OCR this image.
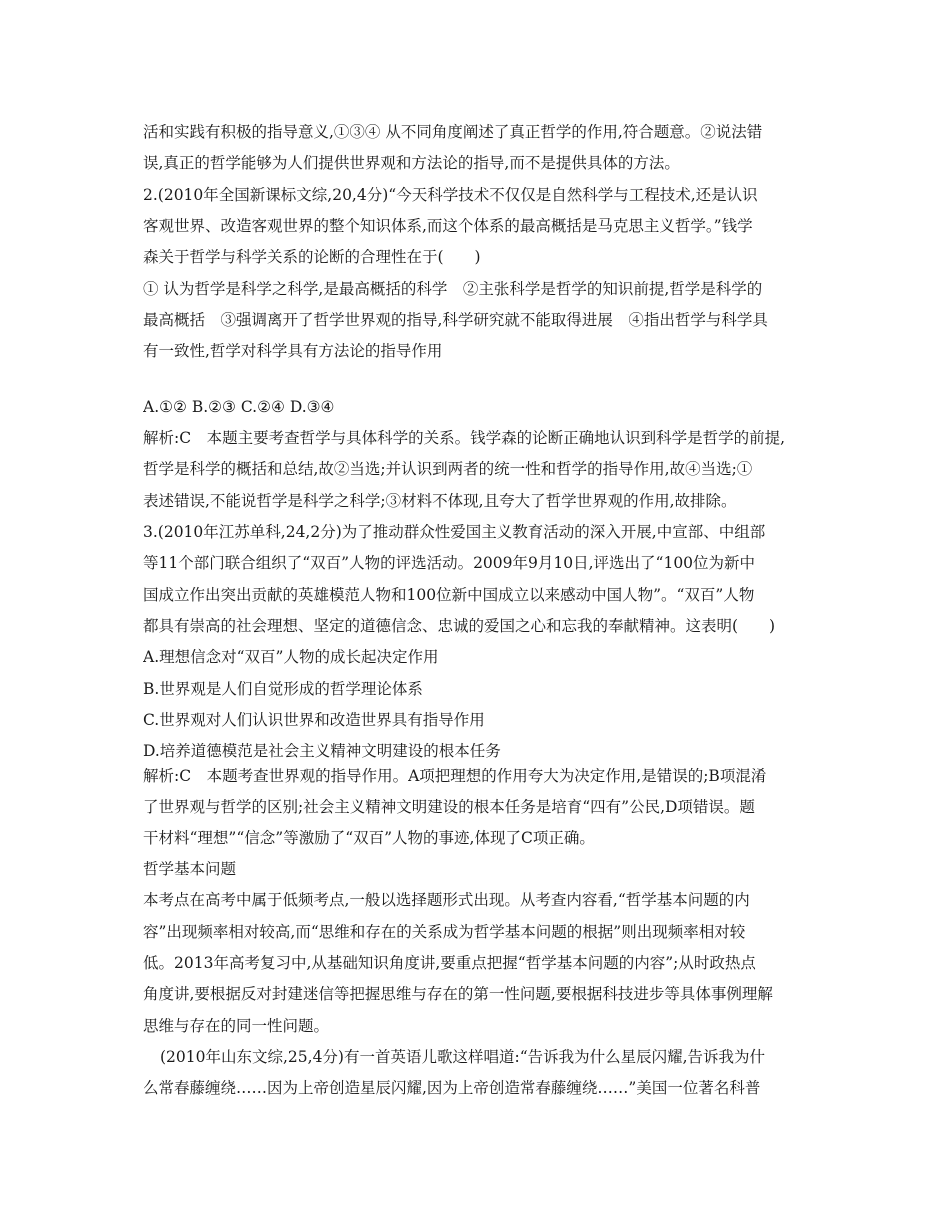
活和实践有积极的指导意义,①③④ 从不同角度阐述了真正哲学的作用,符合题意。②说法错
误,真正的哲学能够为人们提供世界观和方法论的指导,而不是提供具体的方法。
2.(2010年全国新课标文综,20,4分)“今天科学技术不仅仅是自然科学与工程技术,还是认识
客观世界、改造客观世界的整个知识体系,而这个体系的最高概括是马克思主义哲学。”钱学
森关于哲学与科学关系的论断的合理性在于(　　)
① 认为哲学是科学之科学,是最高概括的科学　②主张科学是哲学的知识前提,哲学是科学的
最高概括　③强调离开了哲学世界观的指导,科学研究就不能取得进展　④指出哲学与科学具
有一致性,哲学对科学具有方法论的指导作用
A.①② B.②③ C.②④ D.③④
解析:C　本题主要考查哲学与具体科学的关系。钱学森的论断正确地认识到科学是哲学的前提,
哲学是科学的概括和总结,故②当选;并认识到两者的统一性和哲学的指导作用,故④当选;①
表述错误,不能说哲学是科学之科学;③材料不体现,且夸大了哲学世界观的作用,故排除。
3.(2010年江苏单科,24,2分)为了推动群众性爱国主义教育活动的深入开展,中宣部、中组部
等11个部门联合组织了“双百”人物的评选活动。2009年9月10日,评选出了“100位为新中
国成立作出突出贡献的英雄模范人物和100位新中国成立以来感动中国人物”。“双百”人物
都具有崇高的社会理想、坚定的道德信念、忠诚的爱国之心和忘我的奉献精神。这表明(　　)
A.理想信念对“双百”人物的成长起决定作用
B.世界观是人们自觉形成的哲学理论体系
C.世界观对人们认识世界和改造世界具有指导作用
D.培养道德模范是社会主义精神文明建设的根本任务
解析:C　本题考查世界观的指导作用。A项把理想的作用夸大为决定作用,是错误的;B项混淆
了世界观与哲学的区别;社会主义精神文明建设的根本任务是培育“四有”公民,D项错误。题
干材料“理想”“信念”等激励了“双百”人物的事迹,体现了C项正确。
哲学基本问题
本考点在高考中属于低频考点,一般以选择题形式出现。从考查内容看,“哲学基本问题的内
容”出现频率相对较高,而“思维和存在的关系成为哲学基本问题的根据”则出现频率相对较
低。2013年高考复习中,从基础知识角度讲,要重点把握“哲学基本问题的内容”;从时政热点
角度讲,要根据反对封建迷信等把握思维与存在的第一性问题,要根据科技进步等具体事例理解
思维与存在的同一性问题。
(2010年山东文综,25,4分)有一首英语儿歌这样唱道:“告诉我为什么星辰闪耀,告诉我为什
么常春藤缠绕……因为上帝创造星辰闪耀,因为上帝创造常春藤缠绕……”美国一位著名科普
